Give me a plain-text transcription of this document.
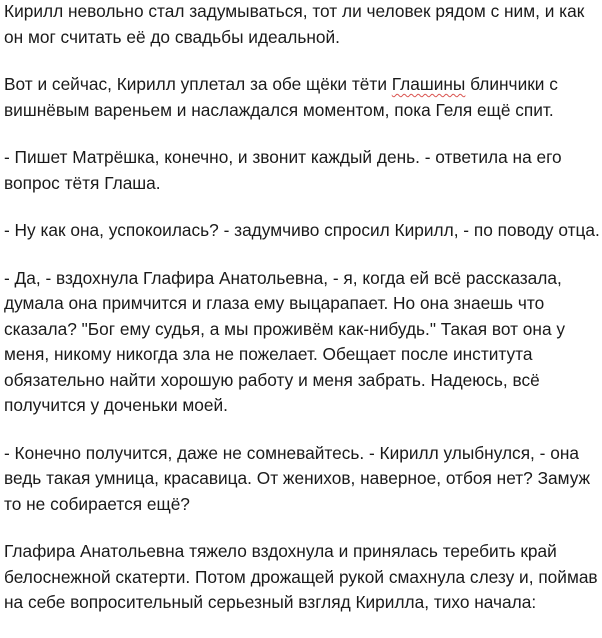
Кирилл невольно стал задумываться, тот ли человек рядом с ним, и как он мог считать её до свадьбы идеальной.

Вот и сейчас, Кирилл уплетал за обе щёки тёти Глашины блинчики с вишнёвым вареньем и наслаждался моментом, пока Геля ещё спит.

- Пишет Матрёшка, конечно, и звонит каждый день. - ответила на его вопрос тётя Глаша.

- Ну как она, успокоилась? - задумчиво спросил Кирилл, - по поводу отца.

- Да, - вздохнула Глафира Анатольевна, - я, когда ей всё рассказала, думала она примчится и глаза ему выцарапает. Но она знаешь что сказала? "Бог ему судья, а мы проживём как-нибудь." Такая вот она у меня, никому никогда зла не пожелает. Обещает после института обязательно найти хорошую работу и меня забрать. Надеюсь, всё получится у доченьки моей.

- Конечно получится, даже не сомневайтесь. - Кирилл улыбнулся, - она ведь такая умница, красавица. От женихов, наверное, отбоя нет? Замуж то не собирается ещё?

Глафира Анатольевна тяжело вздохнула и принялась теребить край белоснежной скатерти. Потом дрожащей рукой смахнула слезу и, поймав на себе вопросительный серьезный взгляд Кирилла, тихо начала:
